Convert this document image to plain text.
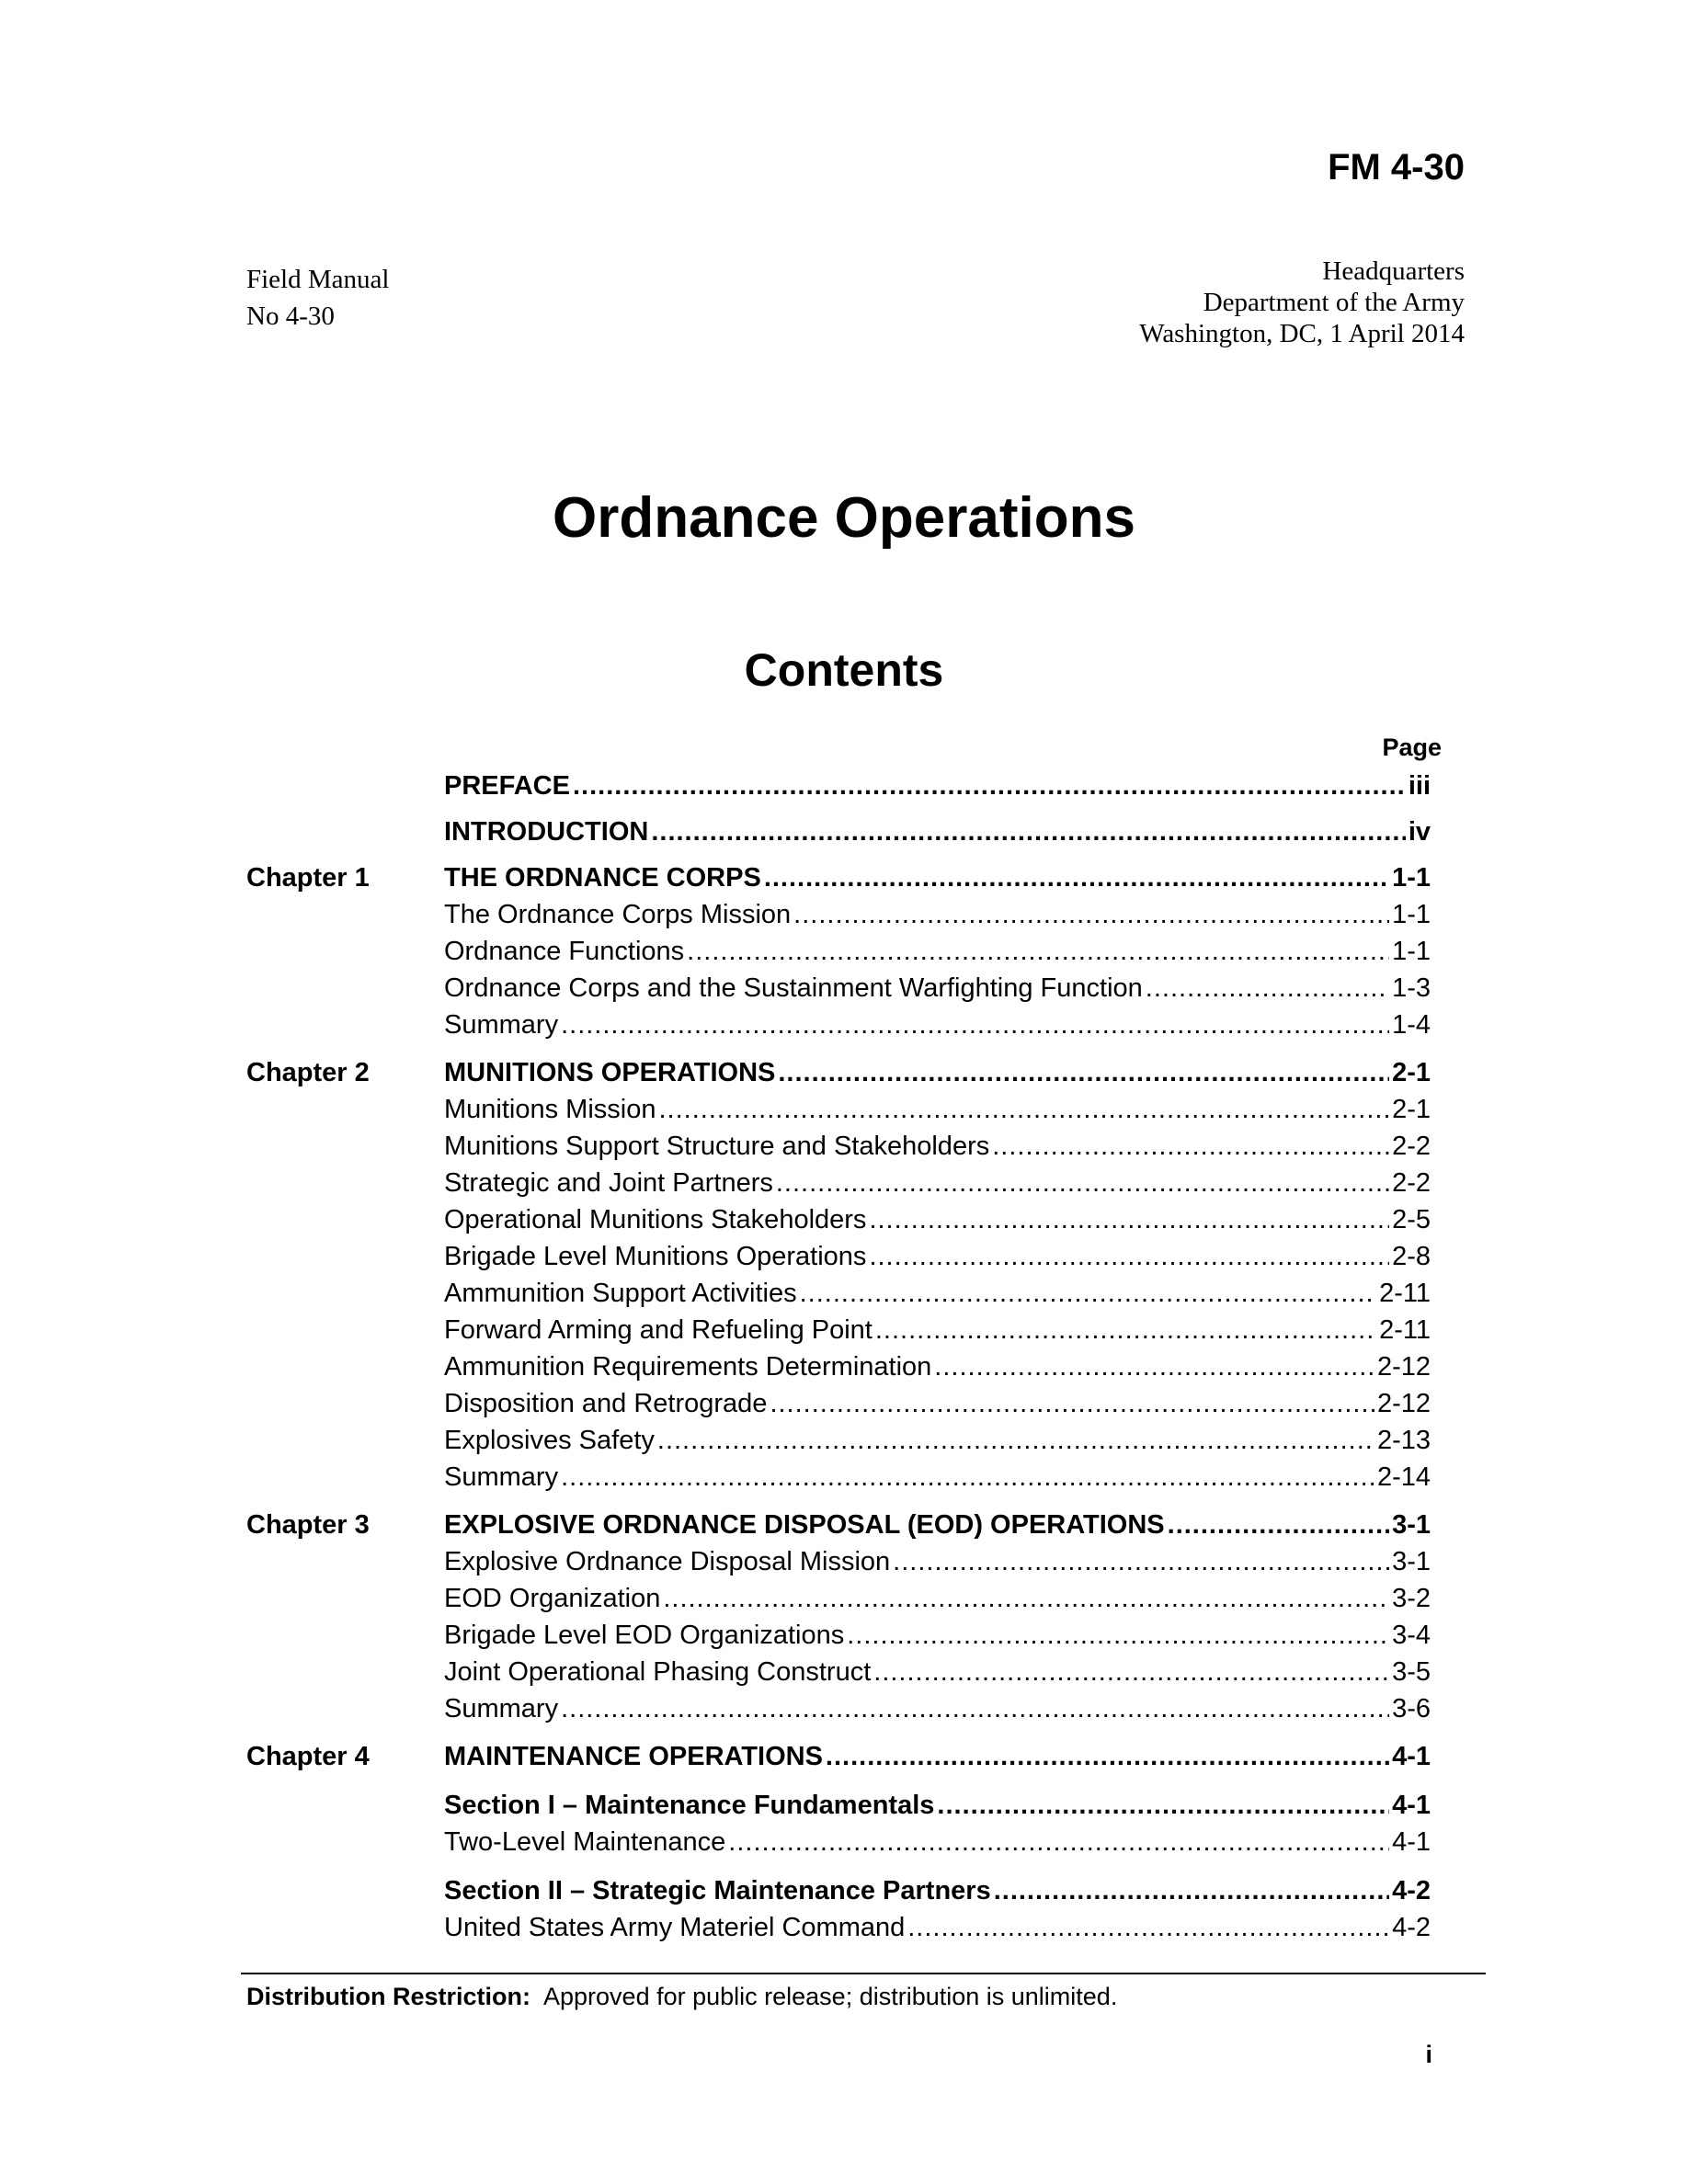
FM 4-30
Field Manual
No 4-30
Headquarters
Department of the Army
Washington, DC, 1 April 2014
Ordnance Operations
Contents
Page
PREFACE .....	iii
INTRODUCTION .....	iv
Chapter 1	THE ORDNANCE CORPS .....	1-1
The Ordnance Corps Mission .....	1-1
Ordnance Functions .....	1-1
Ordnance Corps and the Sustainment Warfighting Function .....	1-3
Summary .....	1-4
Chapter 2	MUNITIONS OPERATIONS .....	2-1
Munitions Mission .....	2-1
Munitions Support Structure and Stakeholders .....	2-2
Strategic and Joint Partners .....	2-2
Operational Munitions Stakeholders .....	2-5
Brigade Level Munitions Operations .....	2-8
Ammunition Support Activities .....	2-11
Forward Arming and Refueling Point .....	2-11
Ammunition Requirements Determination .....	2-12
Disposition and Retrograde .....	2-12
Explosives Safety .....	2-13
Summary .....	2-14
Chapter 3	EXPLOSIVE ORDNANCE DISPOSAL (EOD) OPERATIONS .....	3-1
Explosive Ordnance Disposal Mission .....	3-1
EOD Organization .....	3-2
Brigade Level EOD Organizations .....	3-4
Joint Operational Phasing Construct .....	3-5
Summary .....	3-6
Chapter 4	MAINTENANCE OPERATIONS .....	4-1
Section I – Maintenance Fundamentals .....	4-1
Two-Level Maintenance .....	4-1
Section II – Strategic Maintenance Partners .....	4-2
United States Army Materiel Command .....	4-2
Distribution Restriction: Approved for public release; distribution is unlimited.
i
